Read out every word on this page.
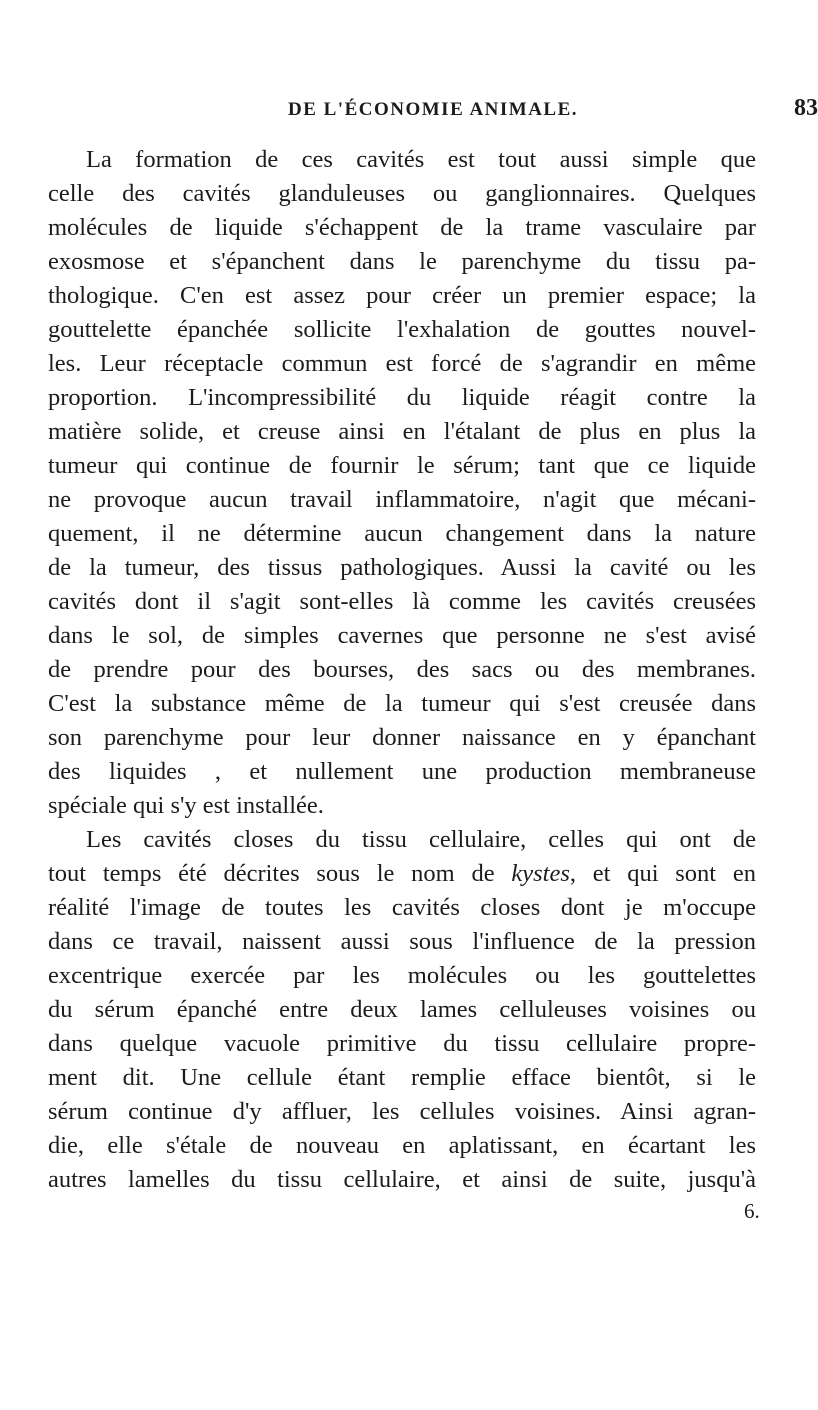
DE L'ÉCONOMIE ANIMALE.	83
La formation de ces cavités est tout aussi simple que
celle des cavités glanduleuses ou ganglionnaires. Quelques
molécules de liquide s'échappent de la trame vasculaire par
exosmose et s'épanchent dans le parenchyme du tissu pa-
thologique. C'en est assez pour créer un premier espace; la
gouttelette épanchée sollicite l'exhalation de gouttes nouvel-
les. Leur réceptacle commun est forcé de s'agrandir en même
proportion. L'incompressibilité du liquide réagit contre la
matière solide, et creuse ainsi en l'étalant de plus en plus la
tumeur qui continue de fournir le sérum; tant que ce liquide
ne provoque aucun travail inflammatoire, n'agit que mécani-
quement, il ne détermine aucun changement dans la nature
de la tumeur, des tissus pathologiques. Aussi la cavité ou les
cavités dont il s'agit sont-elles là comme les cavités creusées
dans le sol, de simples cavernes que personne ne s'est avisé
de prendre pour des bourses, des sacs ou des membranes.
C'est la substance même de la tumeur qui s'est creusée dans
son parenchyme pour leur donner naissance en y épanchant
des liquides , et nullement une production membraneuse
spéciale qui s'y est installée.
Les cavités closes du tissu cellulaire, celles qui ont de
tout temps été décrites sous le nom de kystes, et qui sont en
réalité l'image de toutes les cavités closes dont je m'occupe
dans ce travail, naissent aussi sous l'influence de la pression
excentrique exercée par les molécules ou les gouttelettes
du sérum épanché entre deux lames celluleuses voisines ou
dans quelque vacuole primitive du tissu cellulaire propre-
ment dit. Une cellule étant remplie efface bientôt, si le
sérum continue d'y affluer, les cellules voisines. Ainsi agran-
die, elle s'étale de nouveau en aplatissant, en écartant les
autres lamelles du tissu cellulaire, et ainsi de suite, jusqu'à
6.
